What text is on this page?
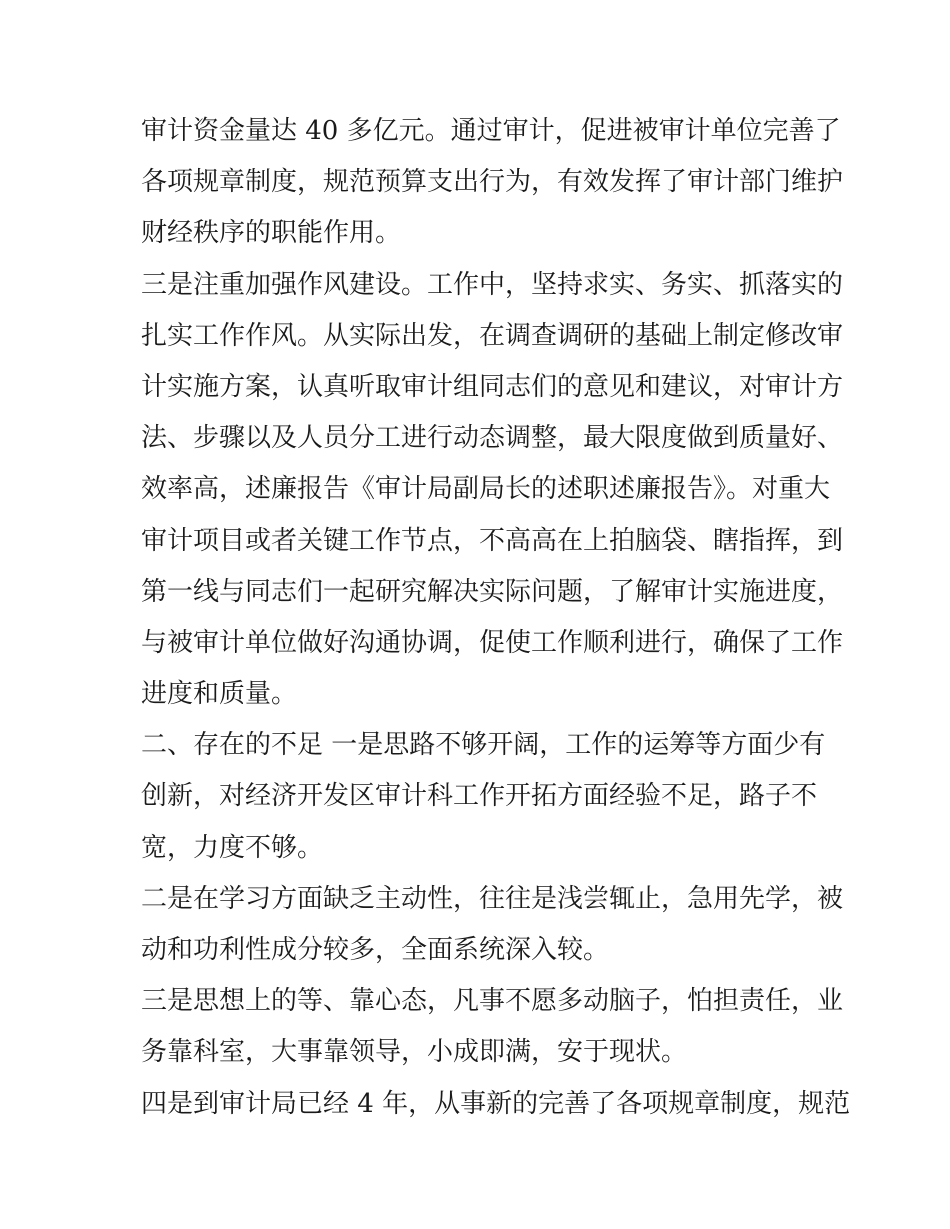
审计资金量达 40 多亿元。通过审计，促进被审计单位完善了
各项规章制度，规范预算支出行为，有效发挥了审计部门维护
财经秩序的职能作用。
三是注重加强作风建设。工作中，坚持求实、务实、抓落实的
扎实工作作风。从实际出发，在调查调研的基础上制定修改审
计实施方案，认真听取审计组同志们的意见和建议，对审计方
法、步骤以及人员分工进行动态调整，最大限度做到质量好、
效率高，述廉报告《审计局副局长的述职述廉报告》。对重大
审计项目或者关键工作节点，不高高在上拍脑袋、瞎指挥，到
第一线与同志们一起研究解决实际问题，了解审计实施进度，
与被审计单位做好沟通协调，促使工作顺利进行，确保了工作
进度和质量。
二、存在的不足 一是思路不够开阔，工作的运筹等方面少有
创新，对经济开发区审计科工作开拓方面经验不足，路子不
宽，力度不够。
二是在学习方面缺乏主动性，往往是浅尝辄止，急用先学，被
动和功利性成分较多，全面系统深入较。
三是思想上的等、靠心态，凡事不愿多动脑子，怕担责任，业
务靠科室，大事靠领导，小成即满，安于现状。
四是到审计局已经 4 年，从事新的完善了各项规章制度，规范
